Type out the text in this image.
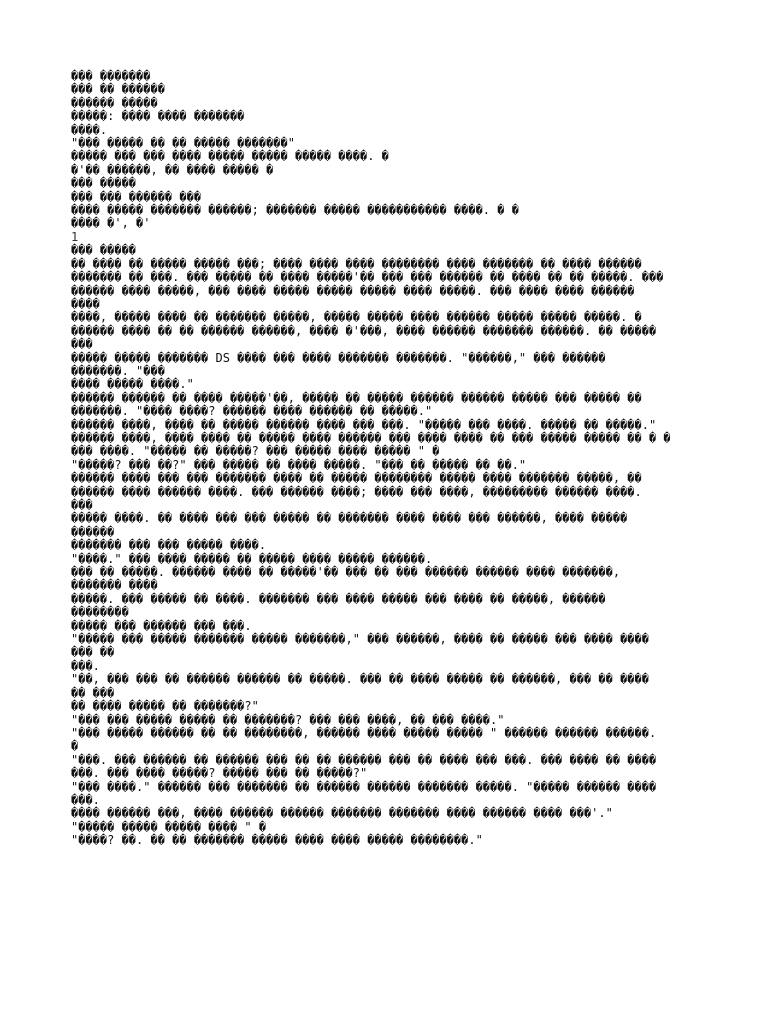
��� �������
��� �� ������
������ �����
�����: ���� ���� �������
����.
"��� ����� �� �� ����� �������"
����� ��� ��� ���� ����� ����� ����� ����. �
�'�� ������, �� ���� ����� �
��� �����
��� ��� ������ ���
���� ����� ������� ������; ������� ����� ����������� ����. � �
���� �', �'
1
��� �����
�� ���� �� ����� ����� ���; ���� ���� ���� �������� ���� ������� �� ���� ������
������� �� ���. ��� ����� �� ���� �����'�� ��� ��� ������ �� ���� �� �� �����. ���
������ ���� �����, ��� ���� ����� ����� ����� ���� �����. ��� ���� ���� ������
����
����, ����� ���� �� ������� �����, ����� ����� ���� ������ ����� ����� �����. �
������ ���� �� �� ������ ������, ���� �'���, ���� ������ ������� ������. �� �����
���
����� ����� ������� DS ���� ��� ���� ������� �������. "������," ��� ������
�������. "���
���� ����� ����."
������ ������ �� ���� �����'��, ����� �� ����� ������ ������ ����� ��� ����� ��
�������. "���� ����? ������ ���� ������ �� �����."
������ ����, ���� �� ����� ������ ���� ��� ���. "����� ��� ����. ����� �� �����."
������ ����, ���� ���� �� ����� ���� ������ ��� ���� ���� �� ��� ����� ����� �� � �
��� ����. "����� �� �����? ��� ����� ���� ����� " �
"�����? ��� ��?" ��� ����� �� ���� �����. "��� �� ����� �� ��."
������ ���� ��� ��� ������� ���� �� ����� �������� ����� ���� ������� �����, ��
������ ���� ������ ����. ��� ������ ����; ���� ��� ����, ��������� ������ ����.
���
����� ����. �� ���� ��� ��� ����� �� ������� ���� ���� ��� ������, ���� �����
������
������� ��� ��� ����� ����.
"����." ��� ���� ����� �� ����� ���� ����� ������.
��� �� �����. ������ ���� �� �����'�� ��� �� ��� ������ ������ ���� �������,
������� ����
�����. ��� ����� �� ����. ������� ��� ���� ����� ��� ���� �� �����, ������
��������
����� ��� ������ ��� ���.
"����� ��� ����� ������� ����� �������," ��� ������, ���� �� ����� ��� ���� ����
��� ��
���.
"��, ��� ��� �� ������ ������ �� �����. ��� �� ���� ����� �� ������, ��� �� ����
�� ���
�� ���� ����� �� �������?"
"��� ��� ����� ����� �� �������? ��� ��� ����, �� ��� ����."
"��� ����� ������ �� �� ��������, ������ ���� ����� ����� " ������ ������ ������.
�
"���. ��� ������ �� ������ ��� �� �� ������ ��� �� ���� ��� ���. ��� ���� �� ����
���. ��� ���� �����? ����� ��� �� �����?"
"��� ����." ������ ��� ������� �� ������ ������ ������� �����. "����� ������ ����
���.
���� ������ ���, ���� ������ ������ ������� ������� ���� ������ ���� ���'."
"����� ����� ����� ���� " �
"����? ��. �� �� ������� ����� ���� ���� ����� ��������."
